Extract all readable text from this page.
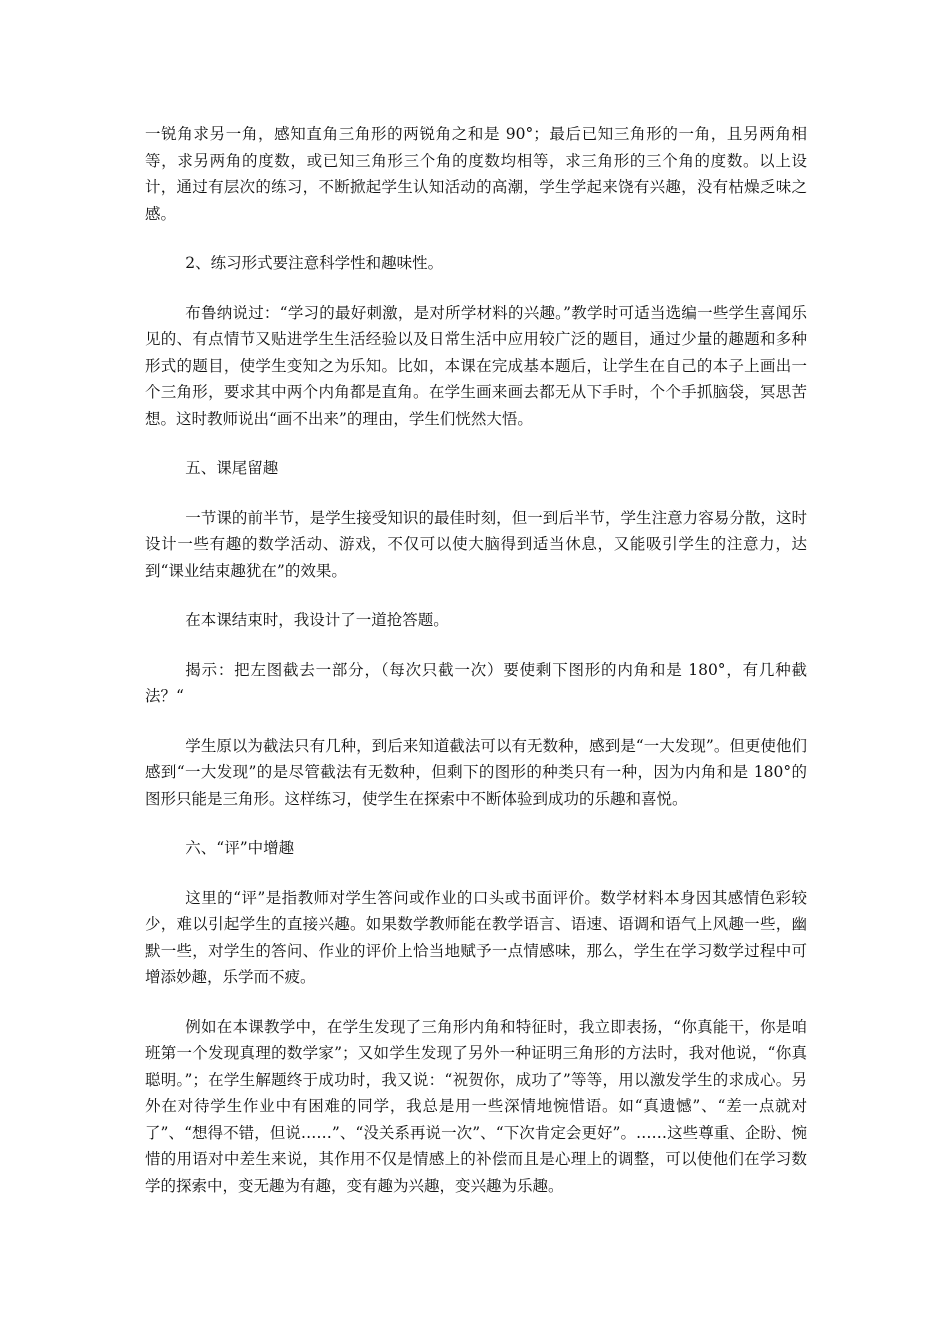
一锐角求另一角，感知直角三角形的两锐角之和是 90°；最后已知三角形的一角，且另两角相等，求另两角的度数，或已知三角形三个角的度数均相等，求三角形的三个角的度数。以上设计，通过有层次的练习，不断掀起学生认知活动的高潮，学生学起来饶有兴趣，没有枯燥乏味之感。

2、练习形式要注意科学性和趣味性。

布鲁纳说过：“学习的最好刺激，是对所学材料的兴趣。”教学时可适当选编一些学生喜闻乐见的、有点情节又贴进学生生活经验以及日常生活中应用较广泛的题目，通过少量的趣题和多种形式的题目，使学生变知之为乐知。比如，本课在完成基本题后，让学生在自己的本子上画出一个三角形，要求其中两个内角都是直角。在学生画来画去都无从下手时，个个手抓脑袋，冥思苦想。这时教师说出“画不出来”的理由，学生们恍然大悟。

五、课尾留趣

一节课的前半节，是学生接受知识的最佳时刻，但一到后半节，学生注意力容易分散，这时设计一些有趣的数学活动、游戏，不仅可以使大脑得到适当休息，又能吸引学生的注意力，达到“课业结束趣犹在”的效果。

在本课结束时，我设计了一道抢答题。

揭示：把左图截去一部分，（每次只截一次）要使剩下图形的内角和是 180°，有几种截法？“

学生原以为截法只有几种，到后来知道截法可以有无数种，感到是“一大发现”。但更使他们感到“一大发现”的是尽管截法有无数种，但剩下的图形的种类只有一种，因为内角和是 180°的图形只能是三角形。这样练习，使学生在探索中不断体验到成功的乐趣和喜悦。

六、“评”中增趣

这里的“评”是指教师对学生答问或作业的口头或书面评价。数学材料本身因其感情色彩较少，难以引起学生的直接兴趣。如果数学教师能在教学语言、语速、语调和语气上风趣一些，幽默一些，对学生的答问、作业的评价上恰当地赋予一点情感味，那么，学生在学习数学过程中可增添妙趣，乐学而不疲。

例如在本课教学中，在学生发现了三角形内角和特征时，我立即表扬，“你真能干，你是咱班第一个发现真理的数学家”；又如学生发现了另外一种证明三角形的方法时，我对他说，“你真聪明。”；在学生解题终于成功时，我又说：“祝贺你，成功了”等等，用以激发学生的求成心。另外在对待学生作业中有困难的同学，我总是用一些深情地惋惜语。如“真遗憾”、“差一点就对了”、“想得不错，但说……”、“没关系再说一次”、“下次肯定会更好”。……这些尊重、企盼、惋惜的用语对中差生来说，其作用不仅是情感上的补偿而且是心理上的调整，可以使他们在学习数学的探索中，变无趣为有趣，变有趣为兴趣，变兴趣为乐趣。
